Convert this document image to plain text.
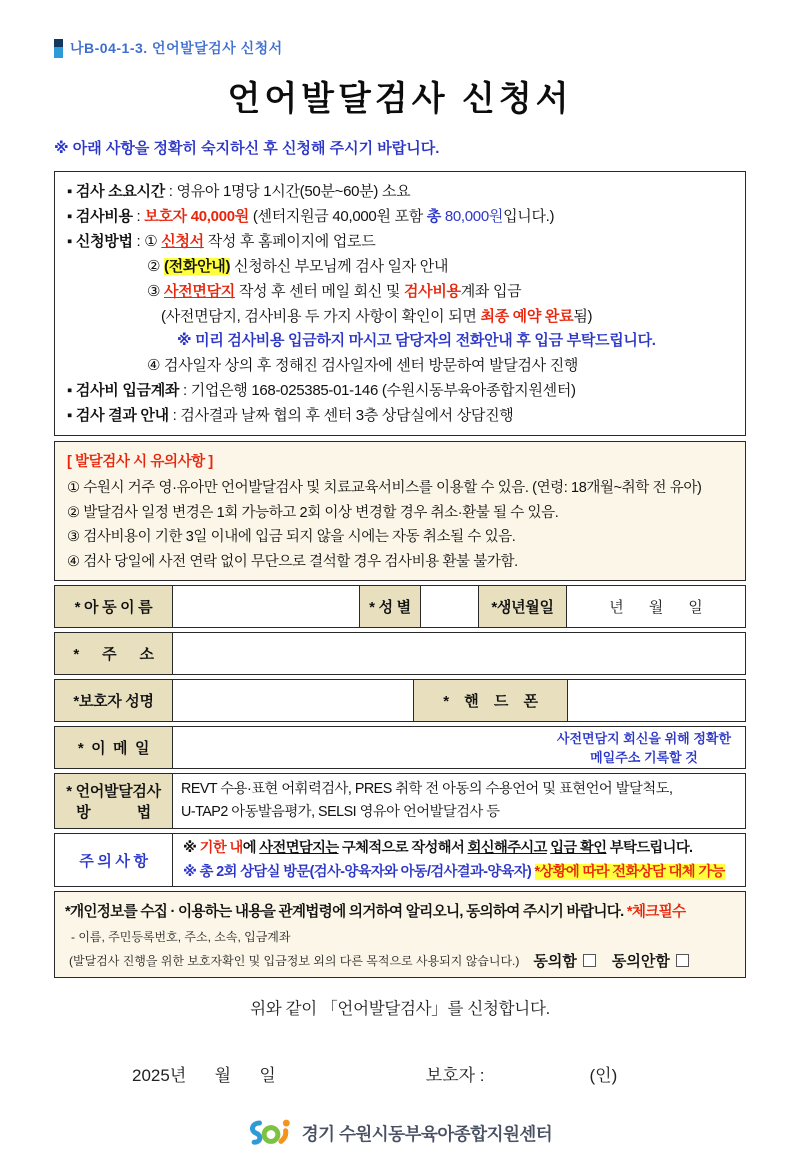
나B-04-1-3. 언어발달검사 신청서
언어발달검사 신청서
※ 아래 사항을 정확히 숙지하신 후 신청해 주시기 바랍니다.
▪ 검사 소요시간 : 영유아 1명당 1시간(50분~60분) 소요
▪ 검사비용 : 보호자 40,000원 (센터지원금 40,000원 포함 총 80,000원입니다.)
▪ 신청방법 : ① 신청서 작성 후 홈페이지에 업로드
② (전화안내) 신청하신 부모님께 검사 일자 안내
③ 사전면담지 작성 후 센터 메일 회신 및 검사비용계좌 입금
(사전면담지, 검사비용 두 가지 사항이 확인이 되면 최종 예약 완료됨)
※ 미리 검사비용 입금하지 마시고 담당자의 전화안내 후 입금 부탁드립니다.
④ 검사일자 상의 후 정해진 검사일자에 센터 방문하여 발달검사 진행
▪ 검사비 입금계좌 : 기업은행 168-025385-01-146 (수원시동부육아종합지원센터)
▪ 검사 결과 안내 : 검사결과 날짜 협의 후 센터 3층 상담실에서 상담진행
[ 발달검사 시 유의사항 ]
① 수원시 거주 영·유아만 언어발달검사 및 치료교육서비스를 이용할 수 있음. (연령: 18개월~취학 전 유아)
② 발달검사 일정 변경은 1회 가능하고 2회 이상 변경할 경우 취소·환불 될 수 있음.
③ 검사비용이 기한 3일 이내에 입금 되지 않을 시에는 자동 취소될 수 있음.
④ 검사 당일에 사전 연락 없이 무단으로 결석할 경우 검사비용 환불 불가함.
* 아 동 이 름	* 성 별	*생년월일	년      월      일
*      주      소
*보호자 성명	*    핸    드    폰
*  이  메  일
사전면담지 회신을 위해 정확한
메일주소 기록할 것
* 언어발달검사
방            법
REVT 수용·표현 어휘력검사, PRES 취학 전 아동의 수용언어 및 표현언어 발달척도,
U-TAP2 아동발음평가, SELSI 영유아 언어발달검사 등
주 의 사 항
※ 기한 내에 사전면담지는 구체적으로 작성해서 회신해주시고 입금 확인 부탁드립니다.
※ 총 2회 상담실 방문(검사-양육자와 아동/검사결과-양육자) *상황에 따라 전화상담 대체 가능
*개인정보를 수집 · 이용하는 내용을 관계법령에 의거하여 알리오니, 동의하여 주시기 바랍니다. *체크필수
- 이름, 주민등록번호, 주소, 소속, 입금계좌
(발달검사 진행을 위한 보호자확인 및 입금정보 외의 다른 목적으로 사용되지 않습니다.) 동의함 동의안함
위와 같이 「언어발달검사」를 신청합니다.
2025년      월      일	보호자 :	(인)
경기 수원시동부육아종합지원센터
